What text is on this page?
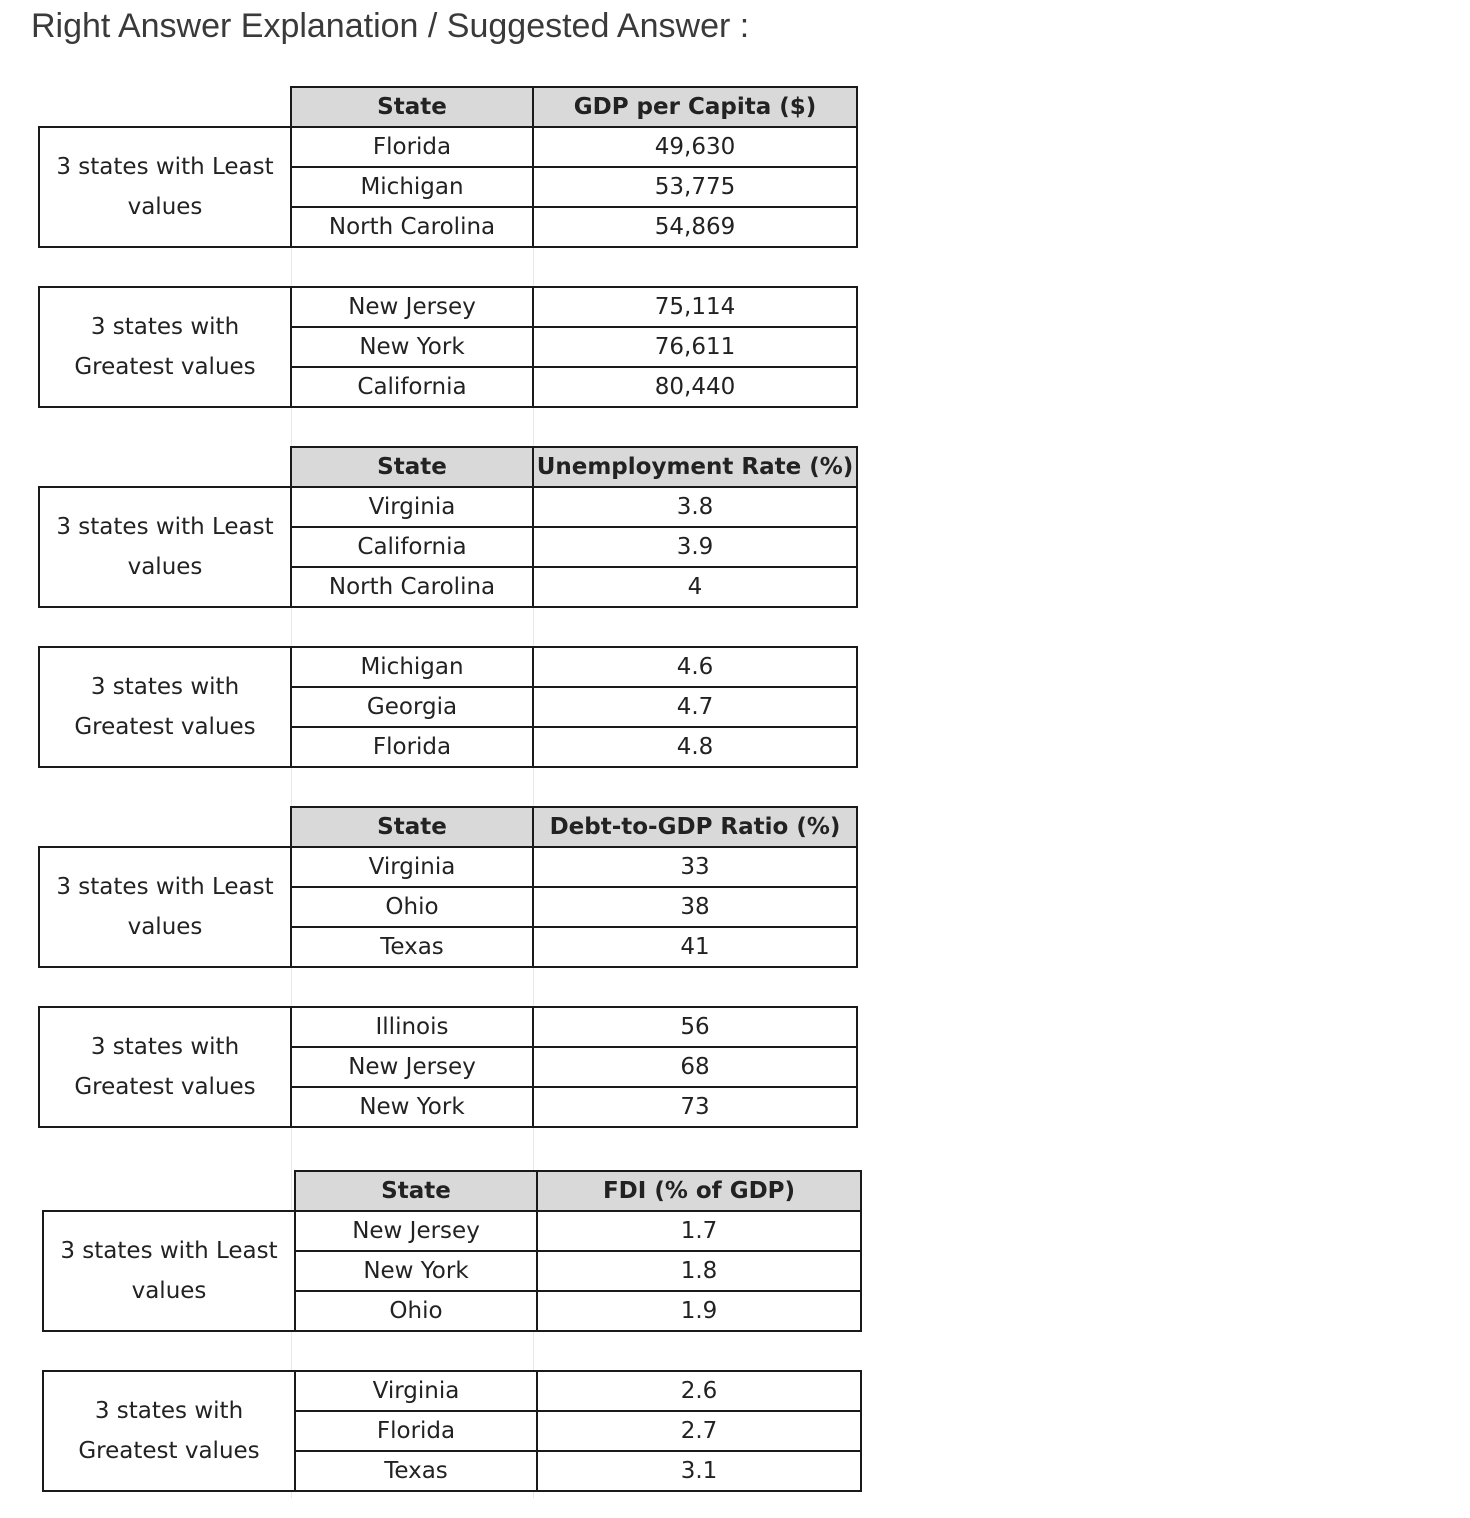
Right Answer Explanation / Suggested Answer :
	State	GDP per Capita ($)

3 states with Least
values	Florida	49,630
	Michigan	53,775
	North Carolina	54,869
3 states with
Greatest values	New Jersey	75,114
	New York	76,611
	California	80,440
	State	Unemployment Rate (%)

3 states with Least
values	Virginia	3.8
	California	3.9
	North Carolina	4
3 states with
Greatest values	Michigan	4.6
	Georgia	4.7
	Florida	4.8
	State	Debt-to-GDP Ratio (%)

3 states with Least
values	Virginia	33
	Ohio	38
	Texas	41
3 states with
Greatest values	Illinois	56
	New Jersey	68
	New York	73
	State	FDI (% of GDP)

3 states with Least
values	New Jersey	1.7
	New York	1.8
	Ohio	1.9
3 states with
Greatest values	Virginia	2.6
	Florida	2.7
	Texas	3.1
